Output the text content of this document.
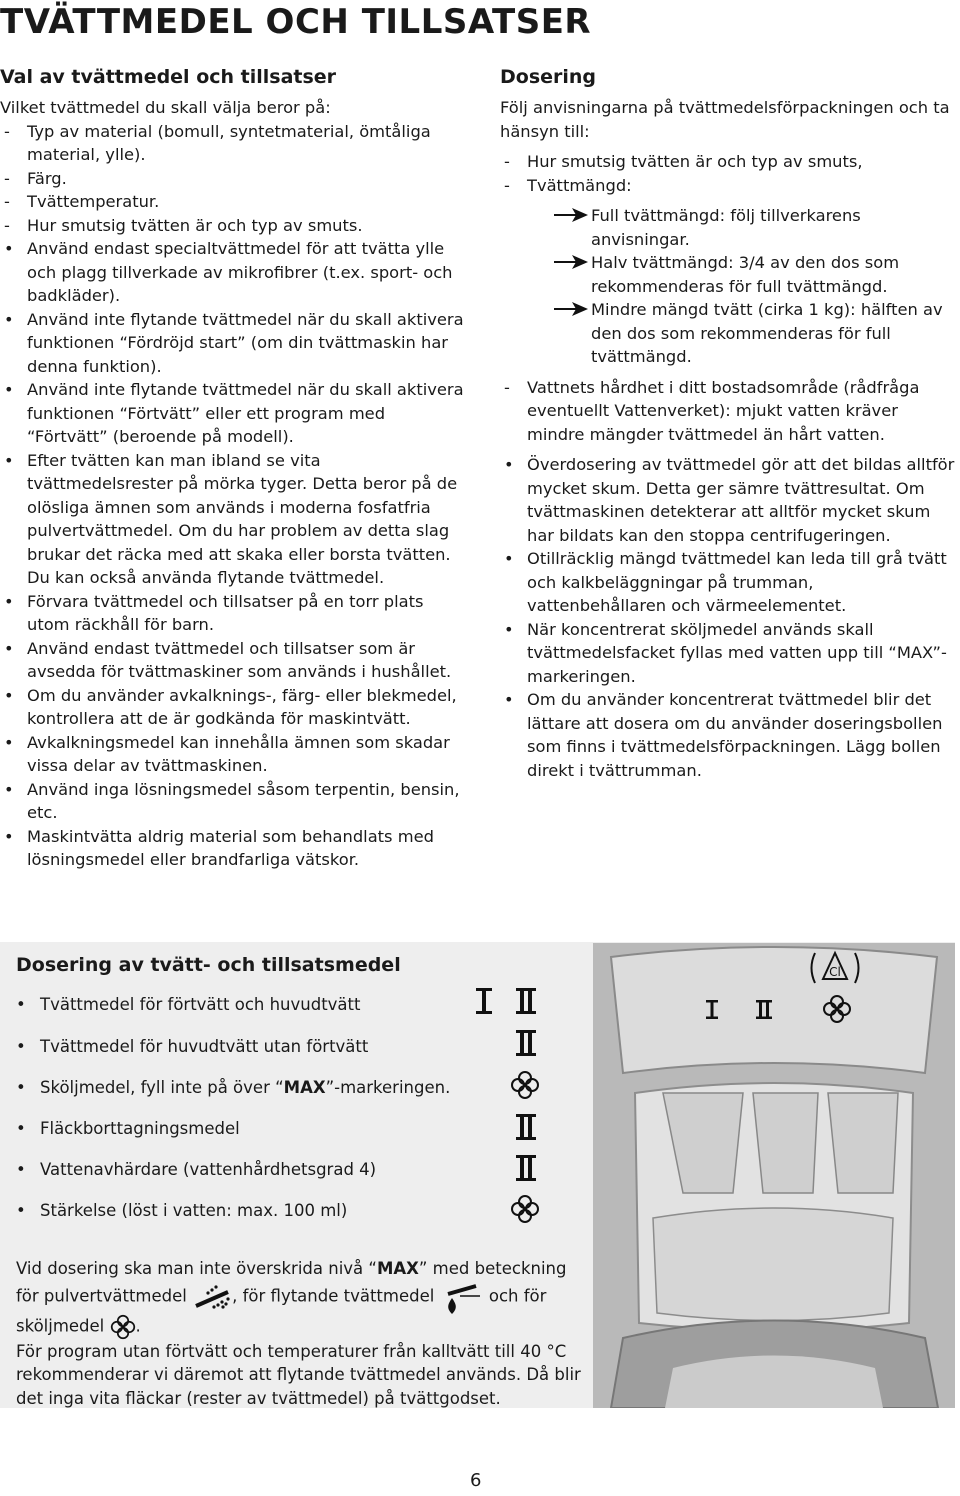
TVÄTTMEDEL OCH TILLSATSER
Val av tvättmedel och tillsatser

Vilket tvättmedel du skall välja beror på:

- Typ av material (bomull, syntetmaterial, ömtåliga material, ylle).

- Färg.

- Tvättemperatur.

- Hur smutsig tvätten är och typ av smuts.

• Använd endast specialtvättmedel för att tvätta ylle och plagg tillverkade av mikrofibrer (t.ex. sport- och badkläder).

• Använd inte flytande tvättmedel när du skall aktivera funktionen “Fördröjd start” (om din tvättmaskin har denna funktion).

• Använd inte flytande tvättmedel när du skall aktivera funktionen “Förtvätt” eller ett program med “Förtvätt” (beroende på modell).

• Efter tvätten kan man ibland se vita tvättmedelsrester på mörka tyger. Detta beror på de olösliga ämnen som används i moderna fosfatfria pulvertvättmedel. Om du har problem av detta slag brukar det räcka med att skaka eller borsta tvätten. Du kan också använda flytande tvättmedel.

• Förvara tvättmedel och tillsatser på en torr plats utom räckhåll för barn.

• Använd endast tvättmedel och tillsatser som är avsedda för tvättmaskiner som används i hushållet.

• Om du använder avkalknings-, färg- eller blekmedel, kontrollera att de är godkända för maskintvätt.

• Avkalkningsmedel kan innehålla ämnen som skadar vissa delar av tvättmaskinen.

• Använd inga lösningsmedel såsom terpentin, bensin, etc.

• Maskintvätta aldrig material som behandlats med lösningsmedel eller brandfarliga vätskor.

Dosering

Följ anvisningarna på tvättmedelsförpackningen och ta hänsyn till:

- Hur smutsig tvätten är och typ av smuts,

- Tvättmängd:

Full tvättmängd: följ tillverkarens anvisningar.

Halv tvättmängd: 3/4 av den dos som rekommenderas för full tvättmängd.

Mindre mängd tvätt (cirka 1 kg): hälften av den dos som rekommenderas för full tvättmängd.

- Vattnets hårdhet i ditt bostadsområde (rådfråga eventuellt Vattenverket): mjukt vatten kräver mindre mängder tvättmedel än hårt vatten.

• Överdosering av tvättmedel gör att det bildas alltför mycket skum. Detta ger sämre tvättresultat. Om tvättmaskinen detekterar att alltför mycket skum har bildats kan den stoppa centrifugeringen.

• Otillräcklig mängd tvättmedel kan leda till grå tvätt och kalkbeläggningar på trumman, vattenbehållaren och värmeelementet.

• När koncentrerat sköljmedel används skall tvättmedelsfacket fyllas med vatten upp till “MAX”-markeringen.

• Om du använder koncentrerat tvättmedel blir det lättare att dosera om du använder doseringsbollen som finns i tvättmedelsförpackningen. Lägg bollen direkt i tvättrumman.

Dosering av tvätt- och tillsatsmedel
• Tvättmedel för förtvätt och huvudtvätt
• Tvättmedel för huvudtvätt utan förtvätt
• Sköljmedel, fyll inte på över “MAX”-markeringen.
• Fläckborttagningsmedel
• Vattenavhärdare (vattenhårdhetsgrad 4)
• Stärkelse (löst i vatten: max. 100 ml)

Vid dosering ska man inte överskrida nivå “MAX” med beteckning för pulvertvättmedel	, för flytande tvättmedel	och för sköljmedel .

För program utan förtvätt och temperaturer från kalltvätt till 40 °C rekommenderar vi däremot att flytande tvättmedel används. Då blir det inga vita fläckar (rester av tvättmedel) på tvättgodset.

Cl
6
